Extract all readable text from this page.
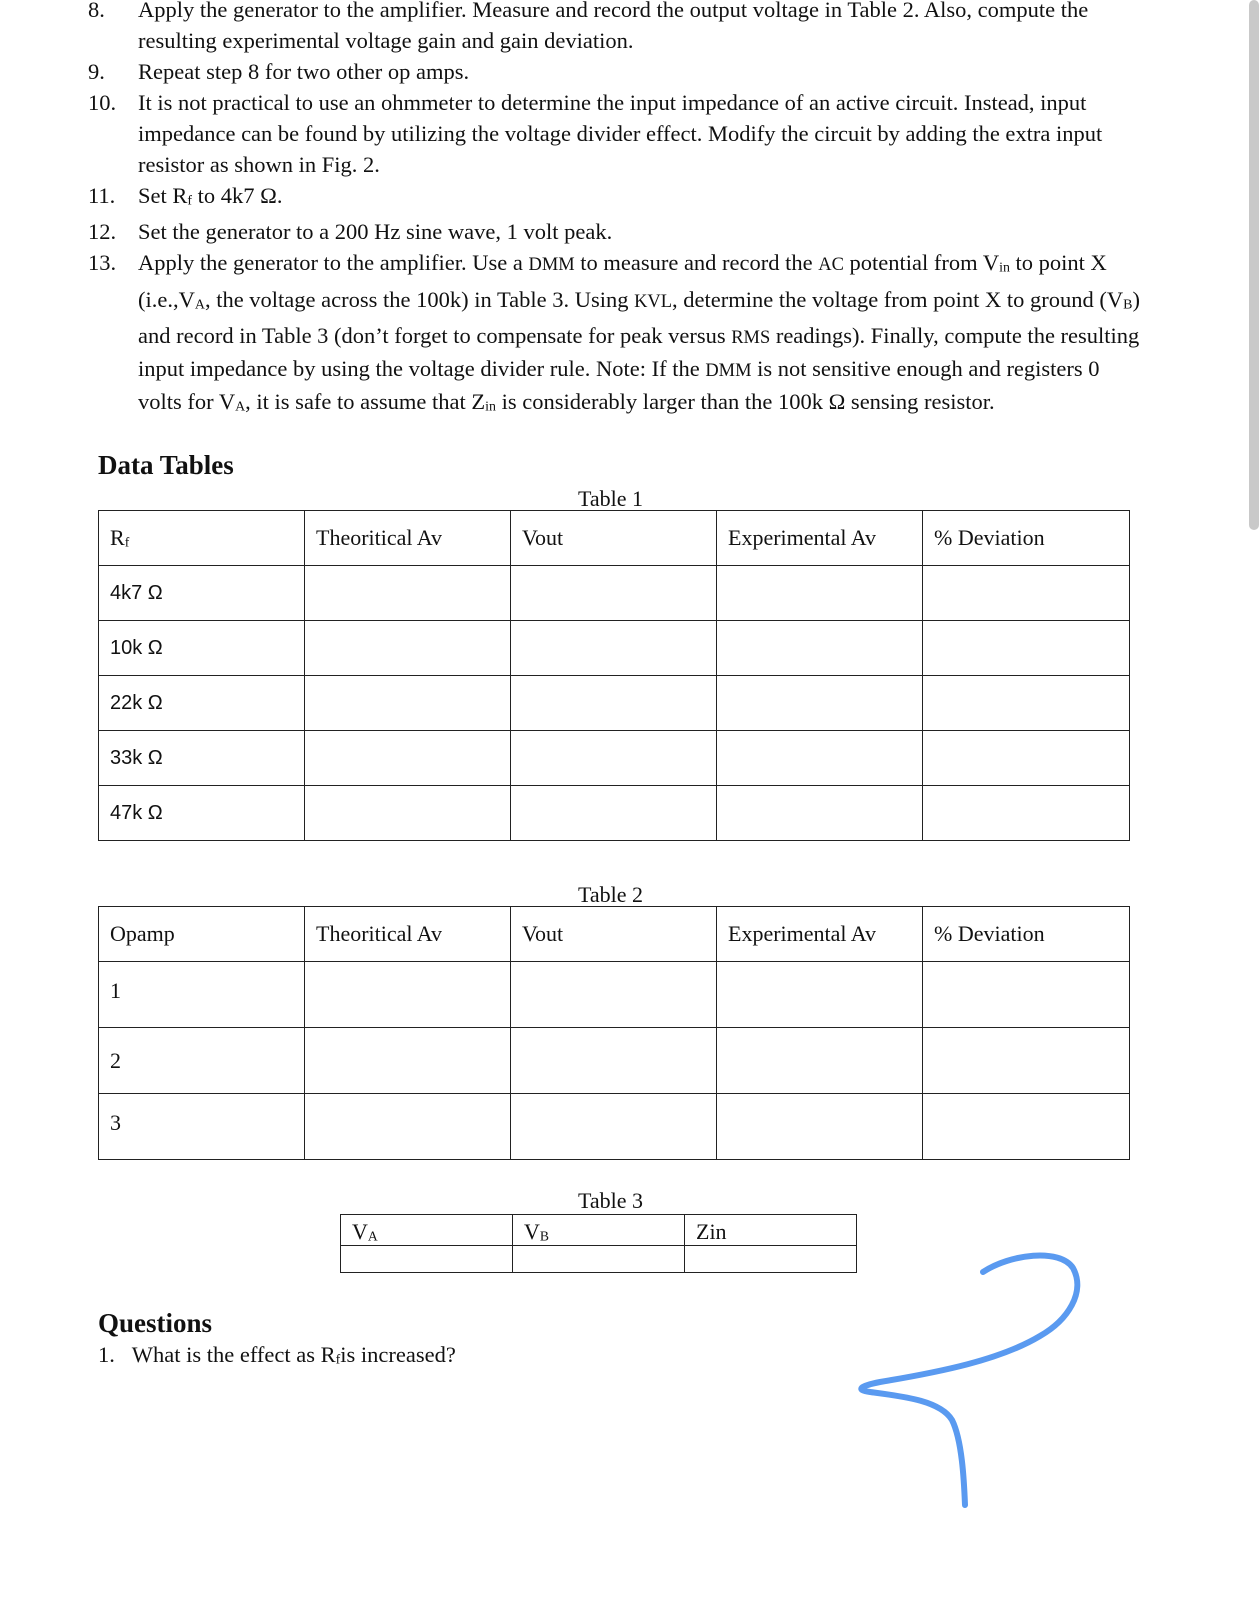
8. Apply the generator to the amplifier. Measure and record the output voltage in Table 2. Also, compute the resulting experimental voltage gain and gain deviation.
9. Repeat step 8 for two other op amps.
10. It is not practical to use an ohmmeter to determine the input impedance of an active circuit. Instead, input impedance can be found by utilizing the voltage divider effect. Modify the circuit by adding the extra input resistor as shown in Fig. 2.
11. Set $R_f$ to 4k7 Ω.
12. Set the generator to a 200 Hz sine wave, 1 volt peak.
13. Apply the generator to the amplifier. Use a DMM to measure and record the AC potential from $V_{in}$ to point X ($i.e.,V_A$, the voltage across the 100k) in Table 3. Using KVL, determine the voltage from point X to ground $(V_B)$ and record in Table 3 (don’t forget to compensate for peak versus RMS readings). Finally, compute the resulting input impedance by using the voltage divider rule. Note: If the DMM is not sensitive enough and registers 0 volts for $V_A$, it is safe to assume that $Z_{in}$ is considerably larger than the 100k Ω sensing resistor.
Data Tables
Table 1
$R_f$	Theoritical Av	Vout	Experimental Av	% Deviation
4k7 Ω				
10k Ω				
22k Ω				
33k Ω				
47k Ω				
Table 2
Opamp	Theoritical Av	Vout	Experimental Av	% Deviation
1				
2				
3				
Table 3
$V_A$	$V_B$	Zin

Questions
1. What is the effect as $R_fis$ increased?
